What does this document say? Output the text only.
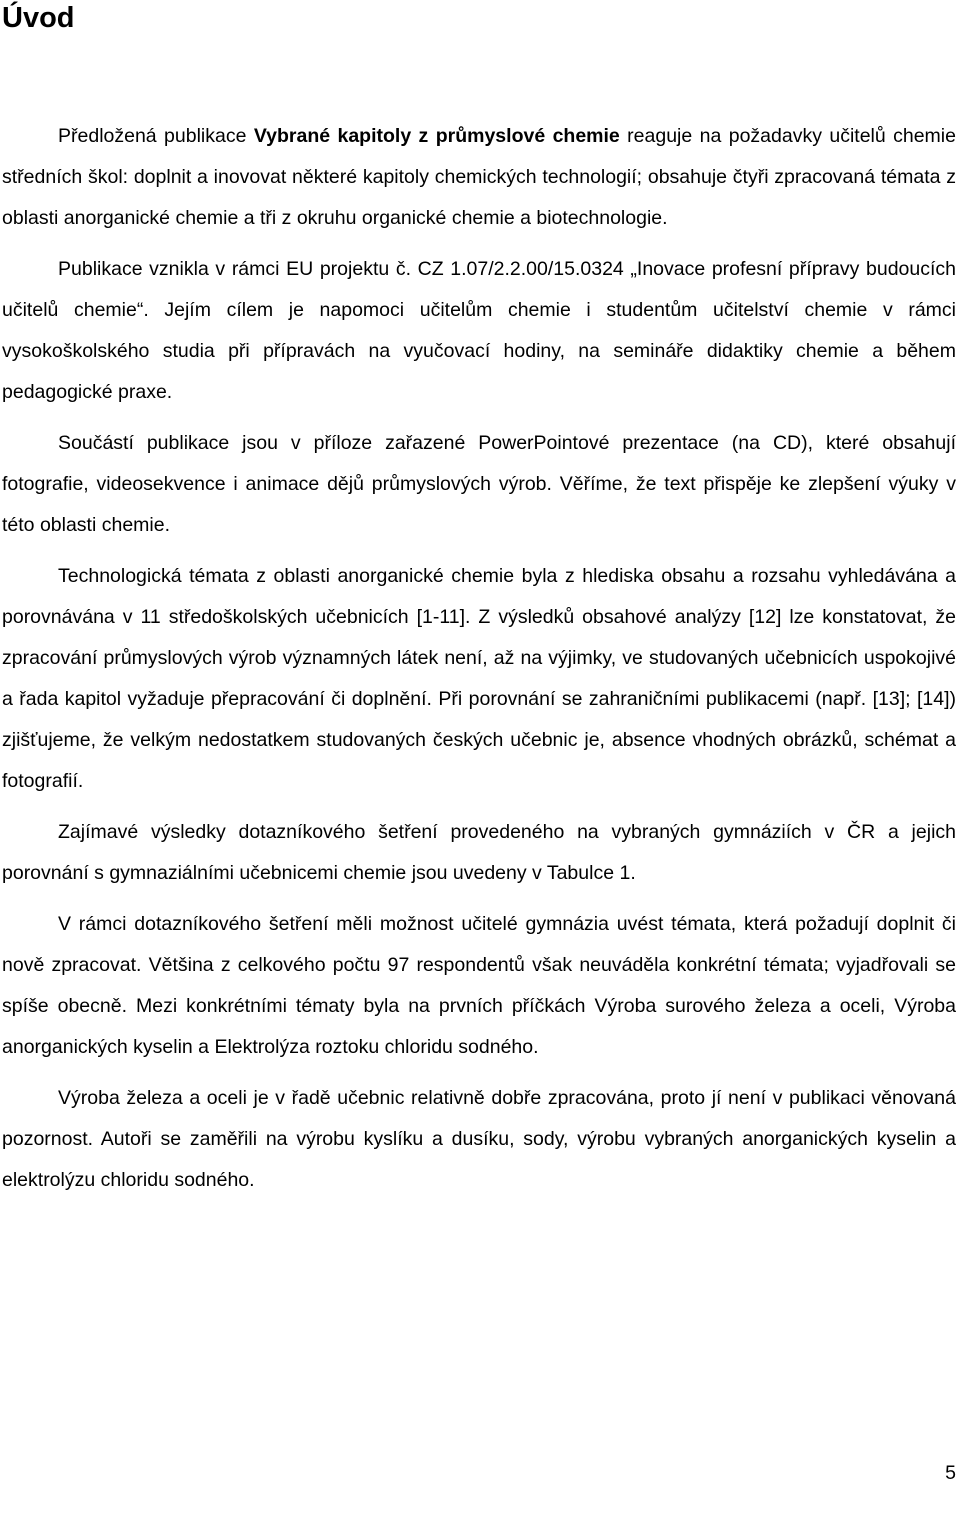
Úvod

Předložená publikace Vybrané kapitoly z průmyslové chemie reaguje na požadavky učitelů chemie středních škol: doplnit a inovovat některé kapitoly chemických technologií; obsahuje čtyři zpracovaná témata z oblasti anorganické chemie a tři z okruhu organické chemie a biotechnologie.

Publikace vznikla v rámci EU projektu č. CZ 1.07/2.2.00/15.0324 „Inovace profesní přípravy budoucích učitelů chemie“. Jejím cílem je napomoci učitelům chemie i studentům učitelství chemie v rámci vysokoškolského studia při přípravách na vyučovací hodiny, na semináře didaktiky chemie a během pedagogické praxe.

Součástí publikace jsou v příloze zařazené PowerPointové prezentace (na CD), které obsahují fotografie, videosekvence i animace dějů průmyslových výrob. Věříme, že text přispěje ke zlepšení výuky v této oblasti chemie.

Technologická témata z oblasti anorganické chemie byla z hlediska obsahu a rozsahu vyhledávána a porovnávána v 11 středoškolských učebnicích [1-11]. Z výsledků obsahové analýzy [12] lze konstatovat, že zpracování průmyslových výrob významných látek není, až na výjimky, ve studovaných učebnicích uspokojivé a řada kapitol vyžaduje přepracování či doplnění. Při porovnání se zahraničními publikacemi (např. [13]; [14]) zjišťujeme, že velkým nedostatkem studovaných českých učebnic je, absence vhodných obrázků, schémat a fotografií.

Zajímavé výsledky dotazníkového šetření provedeného na vybraných gymnáziích v ČR a jejich porovnání s gymnaziálními učebnicemi chemie jsou uvedeny v Tabulce 1.

V rámci dotazníkového šetření měli možnost učitelé gymnázia uvést témata, která požadují doplnit či nově zpracovat. Většina z celkového počtu 97 respondentů však neuváděla konkrétní témata; vyjadřovali se spíše obecně. Mezi konkrétními tématy byla na prvních příčkách Výroba surového železa a oceli, Výroba anorganických kyselin a Elektrolýza roztoku chloridu sodného.

Výroba železa a oceli je v řadě učebnic relativně dobře zpracována, proto jí není v publikaci věnovaná pozornost. Autoři se zaměřili na výrobu kyslíku a dusíku, sody, výrobu vybraných anorganických kyselin a elektrolýzu chloridu sodného.

5
